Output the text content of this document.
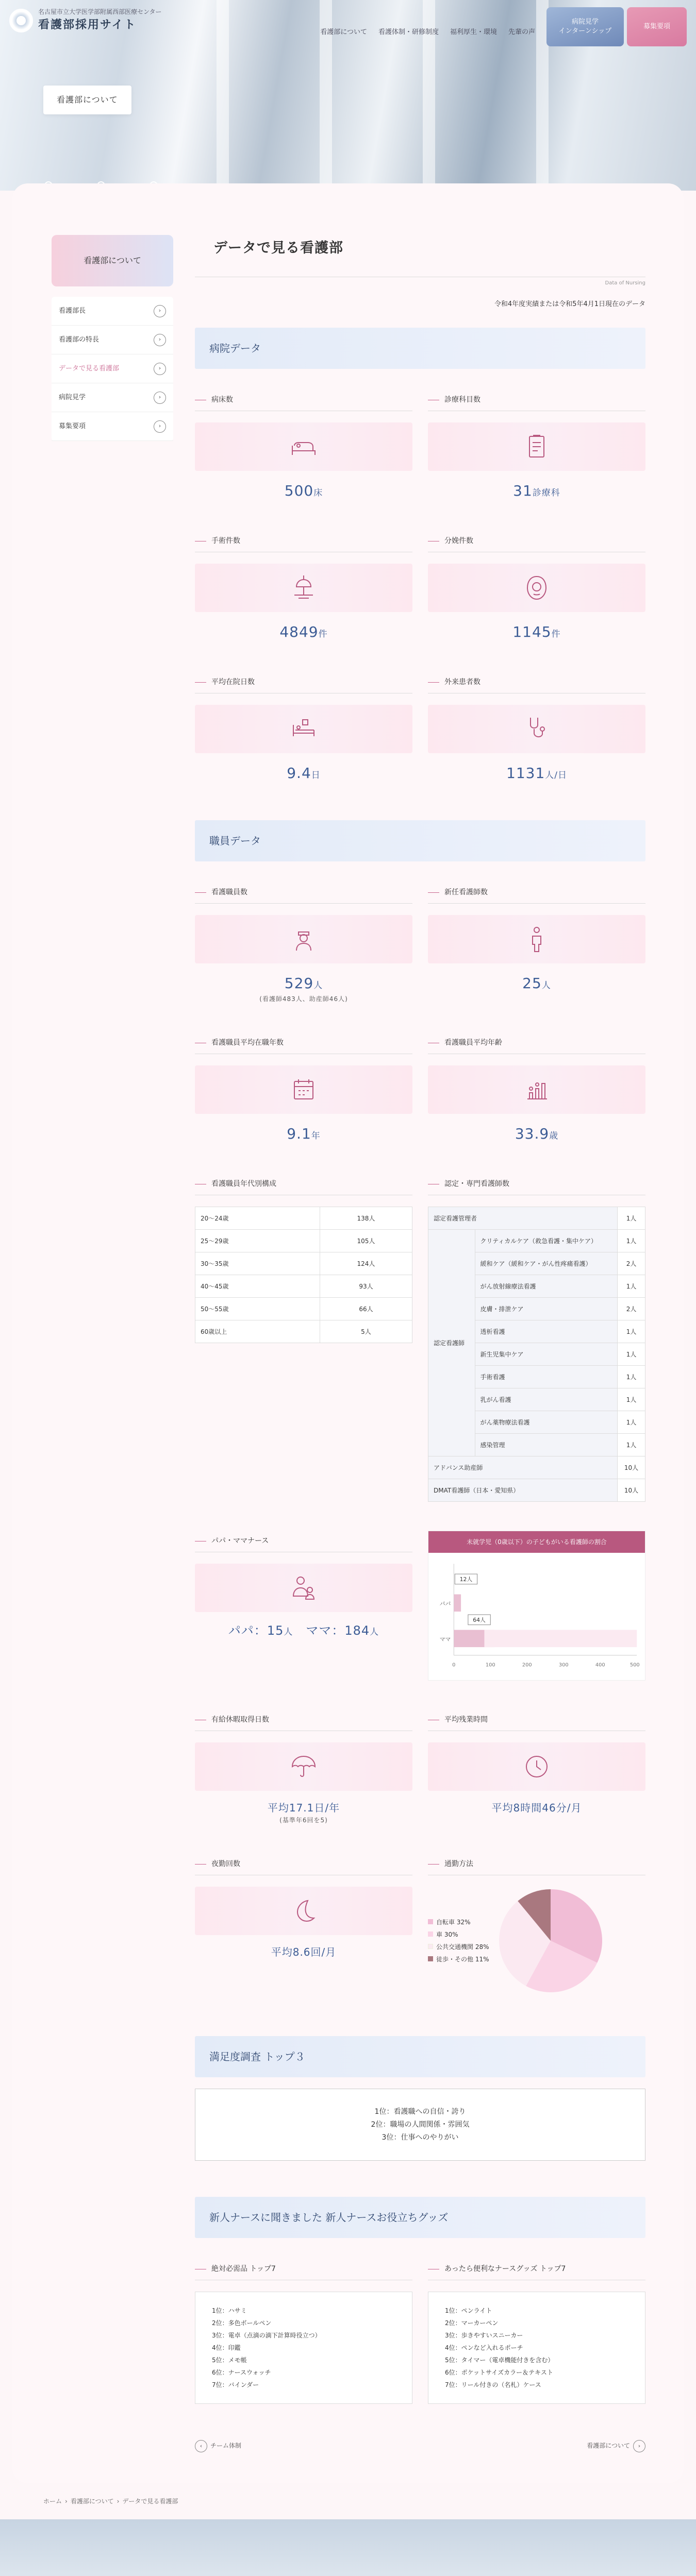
名古屋市立大学医学部附属西部医療センター
看護部採用サイト
看護部について 看護体制・研修制度 福利厚生・環境 先輩の声
病院見学
インターンシップ
募集要項
看護部について
看護部について
看護部長	›
看護部の特長	›
データで見る看護部	›
病院見学	›
募集要項	›
データで見る看護部
Data of Nursing
令和4年度実績または令和5年4月1日現在のデータ
病院データ
病床数
500床
診療科目数
31診療科
手術件数
4849件
分娩件数
1145件
平均在院日数
9.4日
外来患者数
1131人/日
職員データ
看護職員数
529人
(看護師483人、助産師46人)
新任看護師数
25人
看護職員平均在職年数
9.1年
看護職員平均年齢
33.9歳
看護職員年代別構成
20〜24歳	138人
25〜29歳	105人
30〜35歳	124人
40〜45歳	93人
50〜55歳	66人
60歳以上	5人
認定・専門看護師数
認定看護管理者		1人
認定看護師	クリティカルケア（救急看護・集中ケア）	1人
	緩和ケア（緩和ケア・がん性疼痛看護）	2人
	がん放射線療法看護	1人
	皮膚・排泄ケア	2人
	透析看護	1人
	新生児集中ケア	1人
	手術看護	1人
	乳がん看護	1人
	がん薬物療法看護	1人
	感染管理	1人
アドバンス助産師		10人
DMAT看護師（日本・愛知県）		10人
パパ・ママナース
パパ：15人　 ママ：184人
未就学児（0歳以下）の子どもがいる看護師の割合
パパ
ママ
12人
64人
0	100	200	300	400	500
有給休暇取得日数
平均17.1日/年
(基準年6回を5)
平均残業時間
平均8時間46分/月
夜勤回数
平均8.6回/月
通勤方法
自転車 32%
車 30%
公共交通機関 28%
徒歩・その他 11%
満足度調査 トップ３
1位：看護職への自信・誇り
2位：職場の人間関係・雰囲気
3位：仕事へのやりがい
新人ナースに聞きました 新人ナースお役立ちグッズ
絶対必需品 トップ7
1位：ハサミ
2位：多色ボールペン
3位：電卓（点滴の滴下計算時役立つ）
4位：印鑑
5位：メモ帳
6位：ナースウォッチ
7位：バインダー
あったら便利なナースグッズ トップ7
1位：ペンライト
2位：マーカーペン
3位：歩きやすいスニーカー
4位：ペンなど入れるポーチ
5位：タイマー（電卓機能付きを含む）
6位：ポケットサイズカラー＆テキスト
7位：リール付きの（名札）ケース
‹ チーム体制	看護部について ›
ホーム › 看護部について › データで見る看護部
